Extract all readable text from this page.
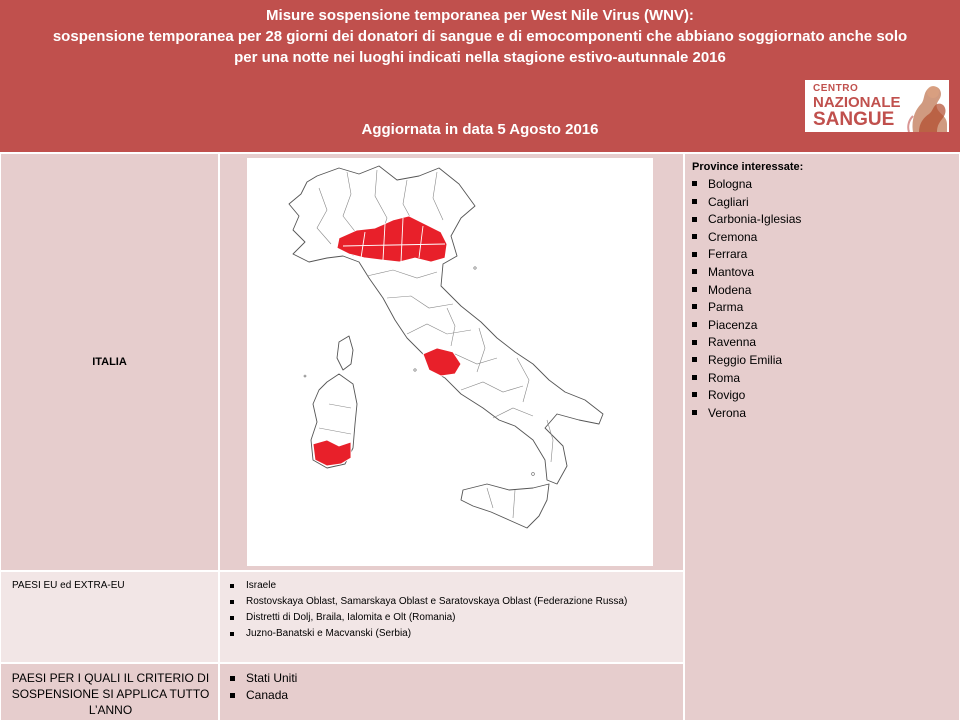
Misure sospensione temporanea per West Nile Virus (WNV):
sospensione temporanea per 28 giorni dei donatori di sangue e di emocomponenti che abbiano soggiornato anche solo
per una notte nei luoghi indicati nella stagione estivo-autunnale 2016
Aggiornata in data 5 Agosto 2016
CENTRO
NAZIONALE
SANGUE
ITALIA
Province interessate:
Bologna
Cagliari
Carbonia-Iglesias
Cremona
Ferrara
Mantova
Modena
Parma
Piacenza
Ravenna
Reggio Emilia
Roma
Rovigo
Verona
PAESI EU ed EXTRA-EU	Israele
Rostovskaya Oblast, Samarskaya Oblast e Saratovskaya Oblast (Federazione Russa)
Distretti di Dolj, Braila, Ialomita e Olt (Romania)
Juzno-Banatski e Macvanski (Serbia)
PAESI PER I QUALI IL CRITERIO DI SOSPENSIONE SI APPLICA TUTTO L’ANNO
Stati Uniti
Canada
